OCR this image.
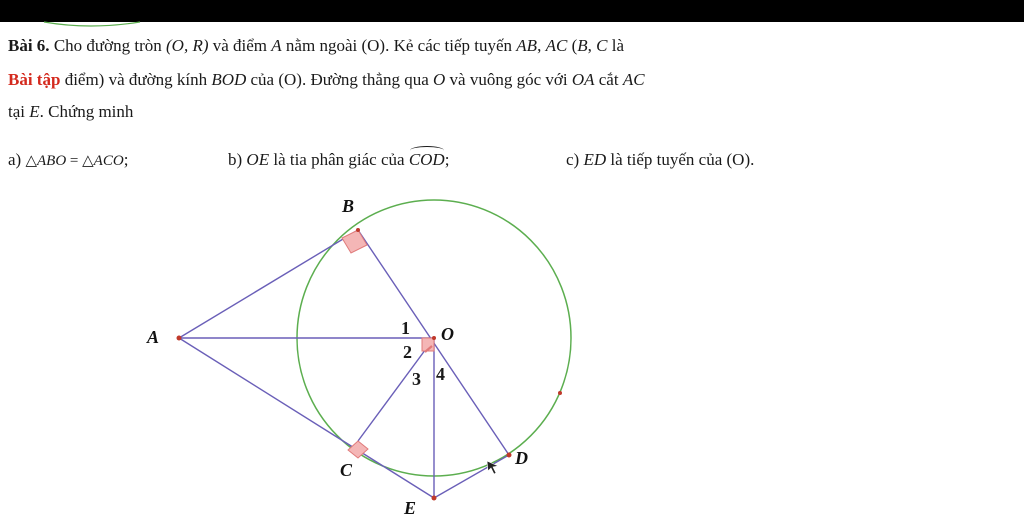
Bài 6. Cho đường tròn (O, R) và điểm A nằm ngoài (O). Kẻ các tiếp tuyến AB, AC (B, C là
Bài tập điểm) và đường kính BOD của (O). Đường thẳng qua O và vuông góc với OA cắt AC
tại E. Chứng minh
a) △ABO = △ACO;	b) OE là tia phân giác của COD;	c) ED là tiếp tuyến của (O).
B
A	O
C
D
E
1
2
3 4
